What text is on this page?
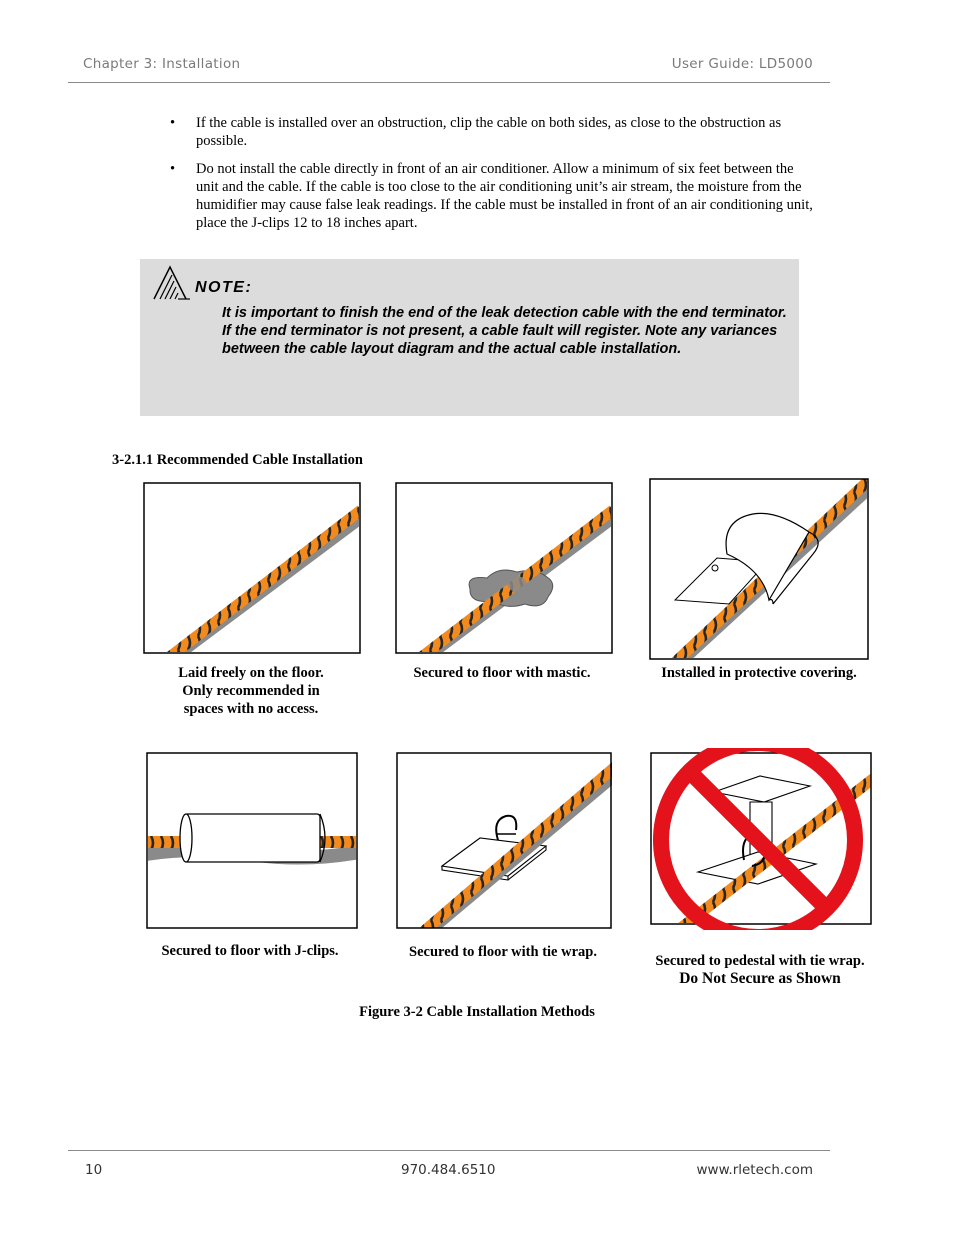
Chapter 3: Installation	User Guide: LD5000
• If the cable is installed over an obstruction, clip the cable on both sides, as close to the obstruction as possible.
• Do not install the cable directly in front of an air conditioner. Allow a minimum of six feet between the unit and the cable. If the cable is too close to the air conditioning unit’s air stream, the moisture from the humidifier may cause false leak readings. If the cable must be installed in front of an air conditioning unit, place the J-clips 12 to 18 inches apart.
NOTE:
It is important to finish the end of the leak detection cable with the end terminator. If the end terminator is not present, a cable fault will register. Note any variances between the cable layout diagram and the actual cable installation.
3-2.1.1 Recommended Cable Installation
Laid freely on the floor.
Only recommended in
spaces with no access.
Secured to floor with mastic.	Installed in protective covering.
Secured to floor with J-clips.	Secured to floor with tie wrap.
Secured to pedestal with tie wrap.
Do Not Secure as Shown
Figure 3-2 Cable Installation Methods
10	970.484.6510	www.rletech.com
